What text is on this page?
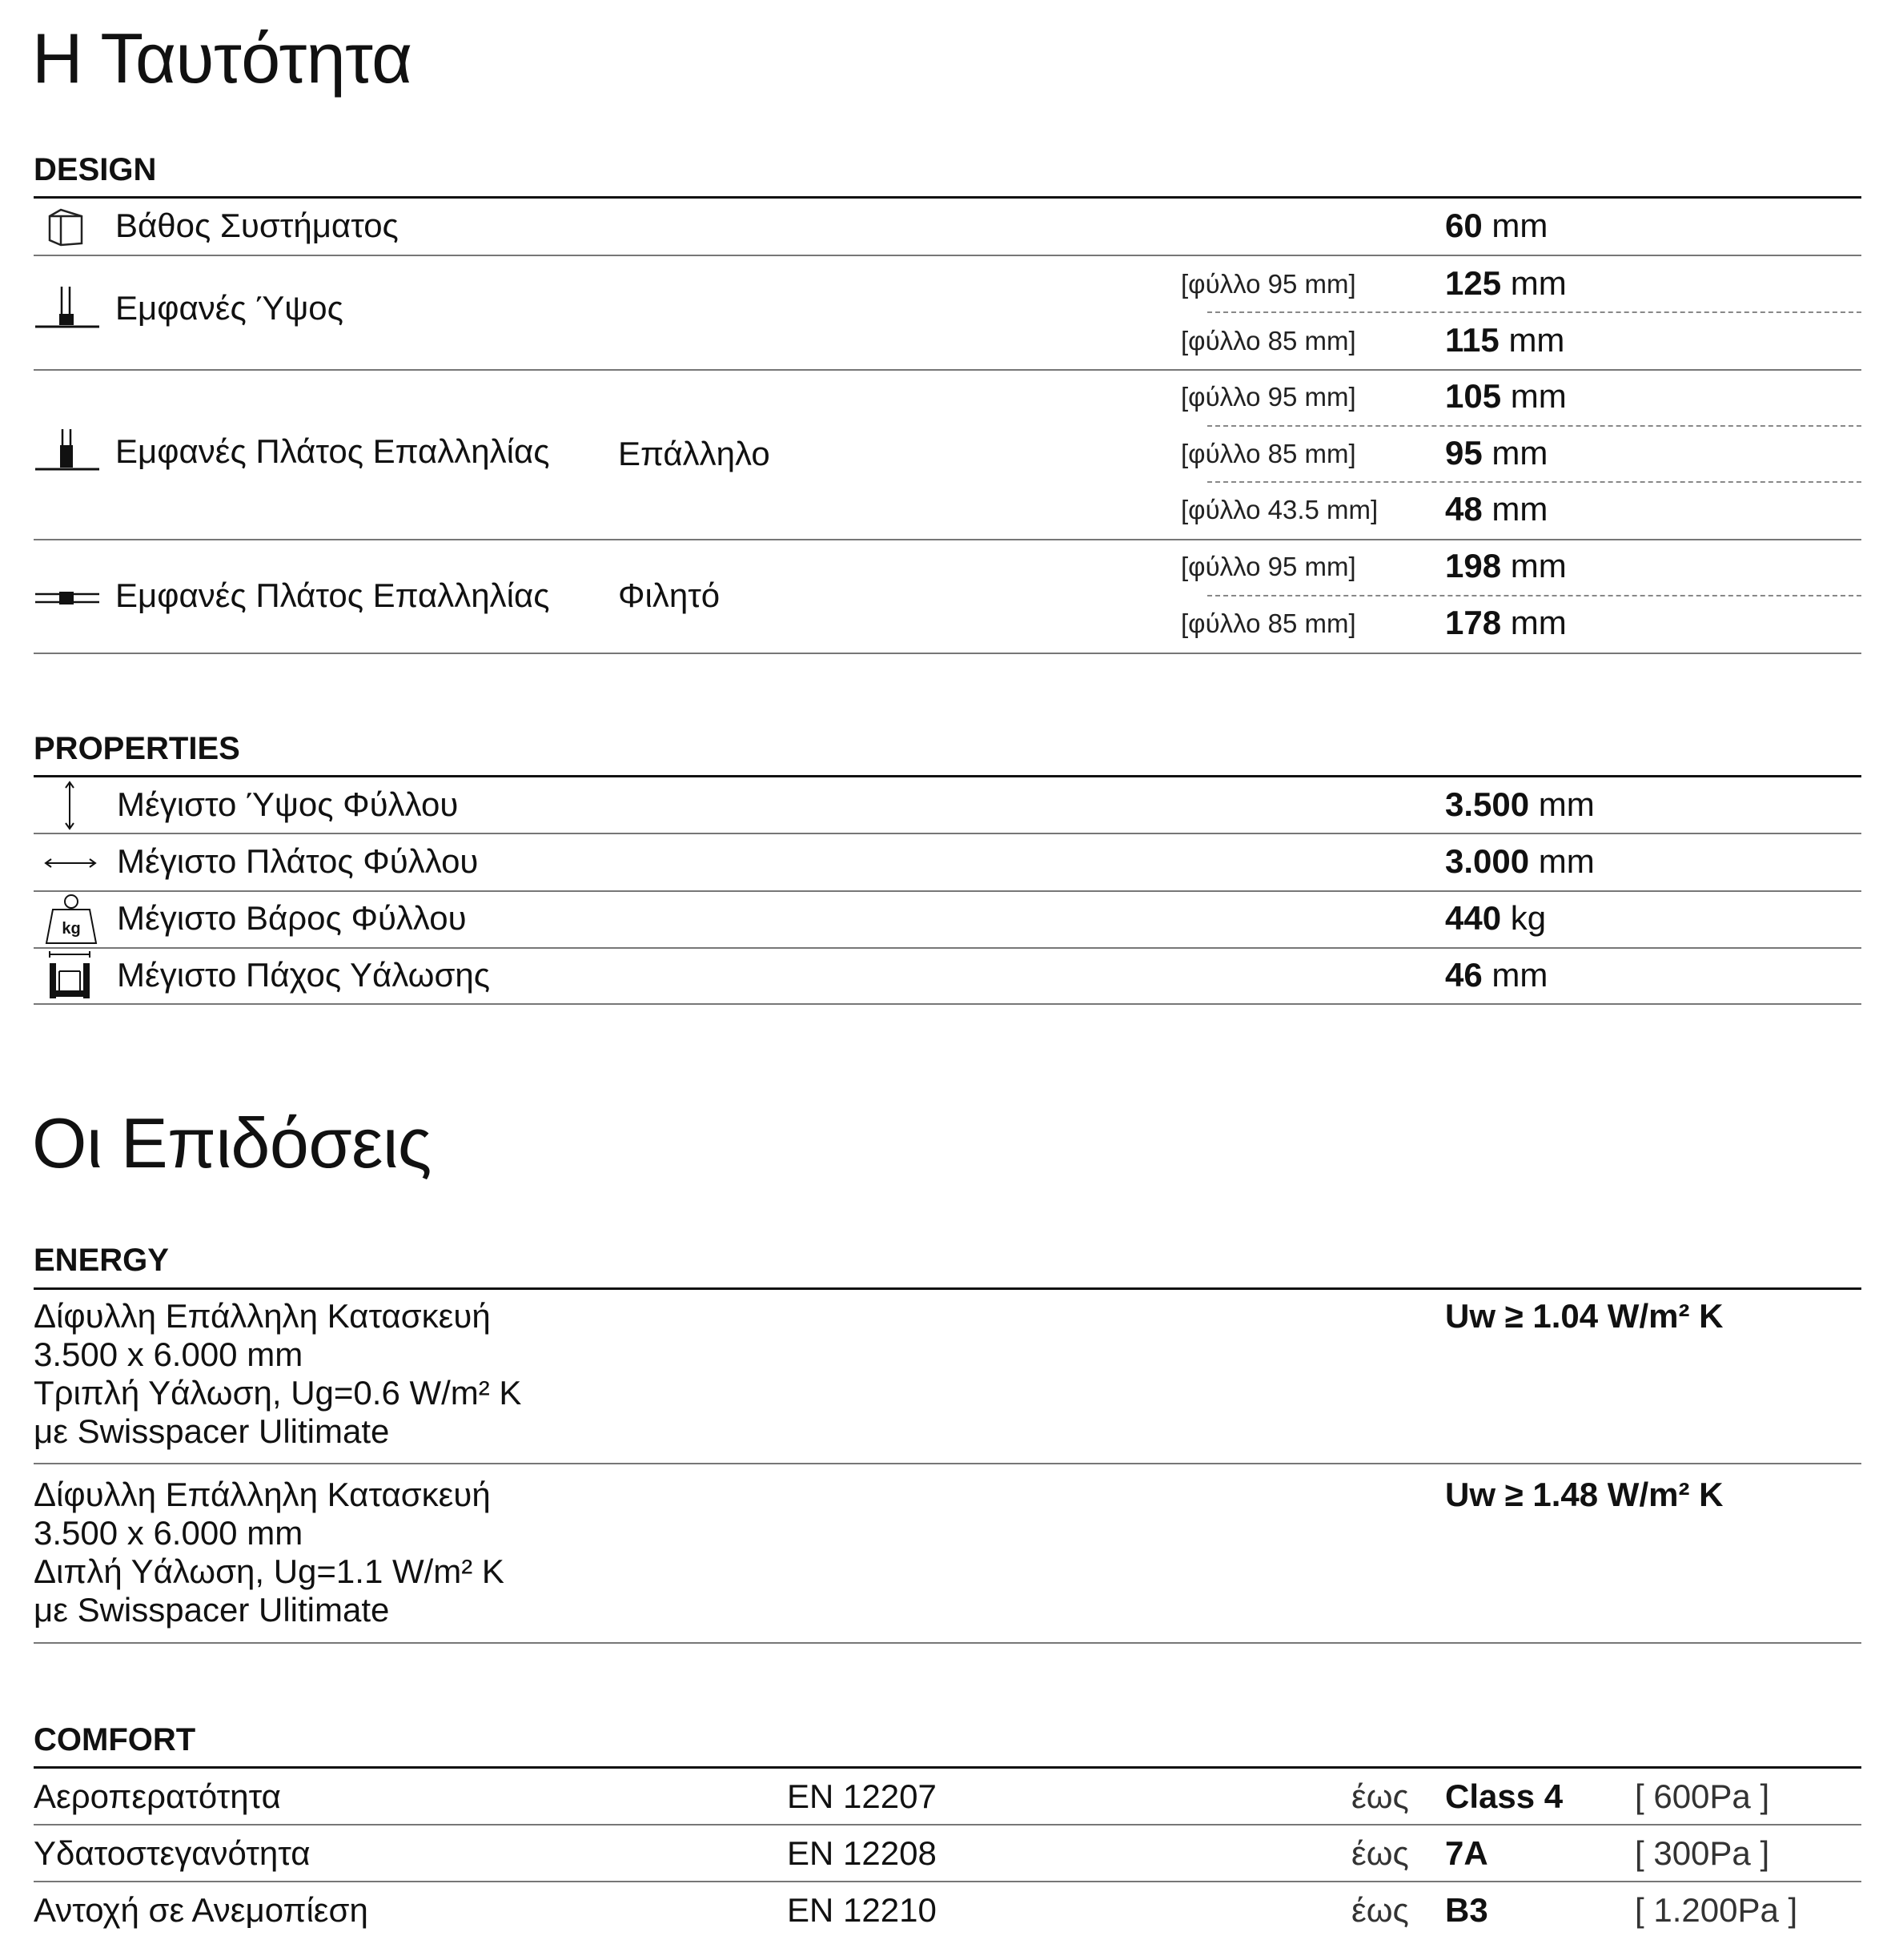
Η Ταυτότητα
DESIGN
Βάθος Συστήματος	60 mm
Εμφανές Ύψος
[φύλλο 95 mm]	125 mm
[φύλλο 85 mm]	115 mm
Εμφανές Πλάτος Επαλληλίας Επάλληλο
[φύλλο 95 mm]	105 mm
[φύλλο 85 mm]	95 mm
[φύλλο 43.5 mm] 48 mm
Εμφανές Πλάτος Επαλληλίας Φιλητό
[φύλλο 95 mm]	198 mm
[φύλλο 85 mm]	178 mm
PROPERTIES
Μέγιστο Ύψος Φύλλου	3.500 mm
Μέγιστο Πλάτος Φύλλου	3.000 mm
kg Μέγιστο Βάρος Φύλλου	440 kg
Μέγιστο Πάχος Υάλωσης	46 mm
Οι Επιδόσεις
ENERGY
Δίφυλλη Επάλληλη Κατασκευή
3.500 x 6.000 mm
Τριπλή Υάλωση, Ug=0.6 W/m² K
με Swisspacer Ulitimate
Uw ≥ 1.04 W/m² K
Δίφυλλη Επάλληλη Κατασκευή
3.500 x 6.000 mm
Διπλή Υάλωση, Ug=1.1 W/m² K
με Swisspacer Ulitimate
Uw ≥ 1.48 W/m² K
COMFORT
Αεροπερατότητα	EN 12207	έως Class 4 [ 600Pa ]
Υδατοστεγανότητα	EN 12208	έως 7A	[ 300Pa ]
Αντοχή σε Ανεμοπίεση	EN 12210	έως B3	[ 1.200Pa ]
